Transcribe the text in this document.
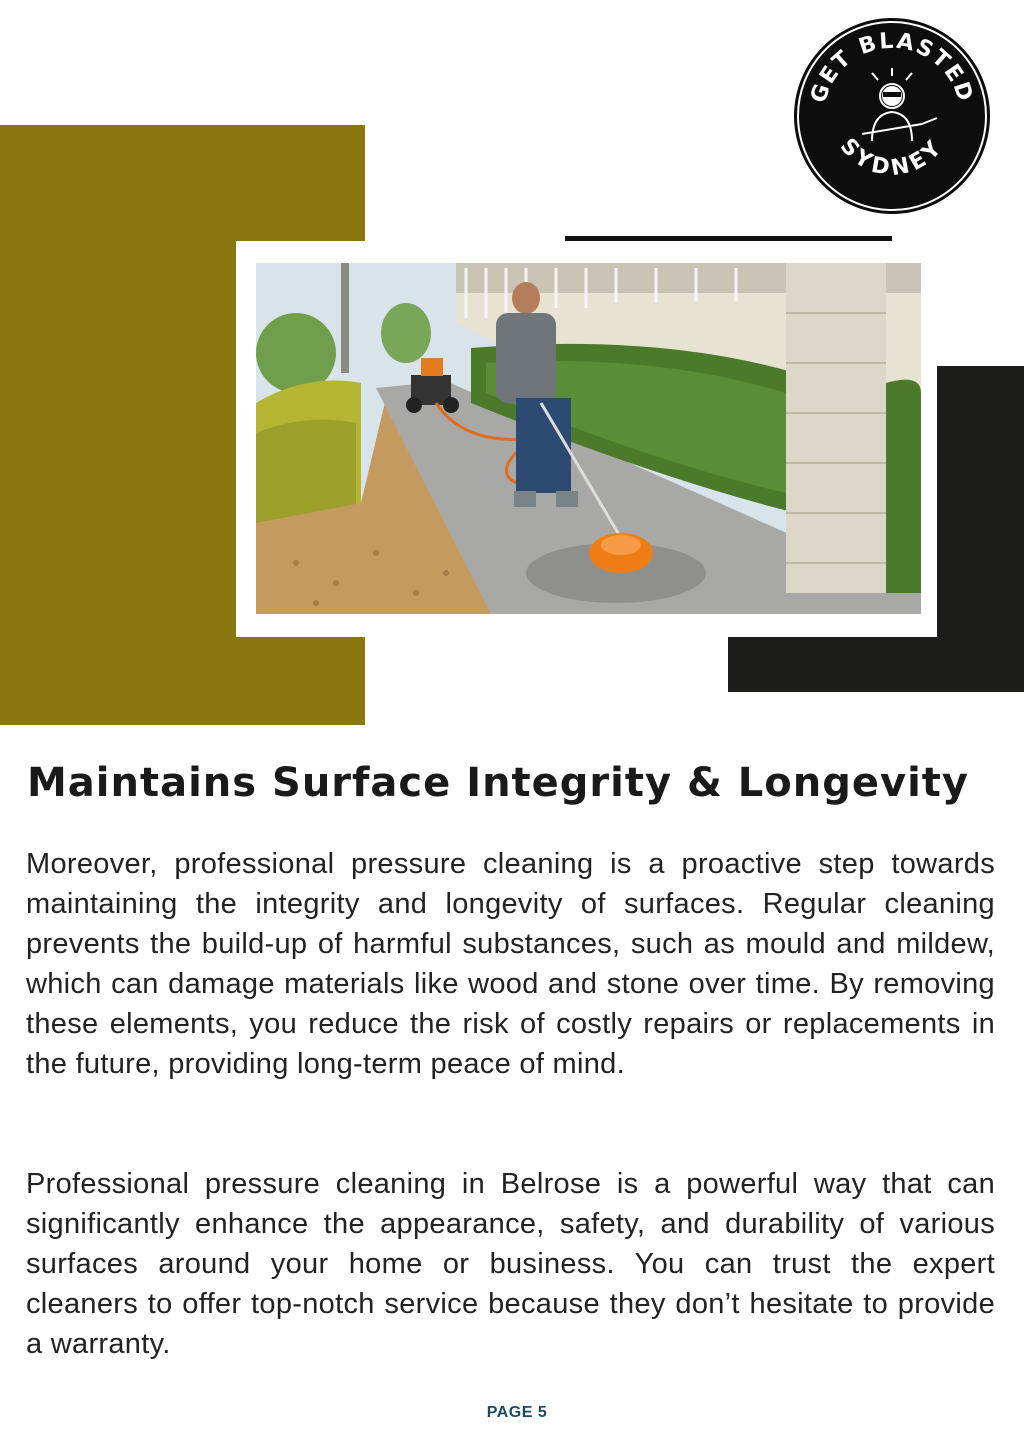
GET BLASTED
SYDNEY
Maintains Surface Integrity & Longevity

Moreover, professional pressure cleaning is a proactive step towards maintaining the integrity and longevity of surfaces. Regular cleaning prevents the build-up of harmful substances, such as mould and mildew, which can damage materials like wood and stone over time. By removing these elements, you reduce the risk of costly repairs or replacements in the future, providing long-term peace of mind.

Professional pressure cleaning in Belrose is a powerful way that can significantly enhance the appearance, safety, and durability of various surfaces around your home or business. You can trust the expert cleaners to offer top-notch service because they don’t hesitate to provide a warranty.

PAGE 5
